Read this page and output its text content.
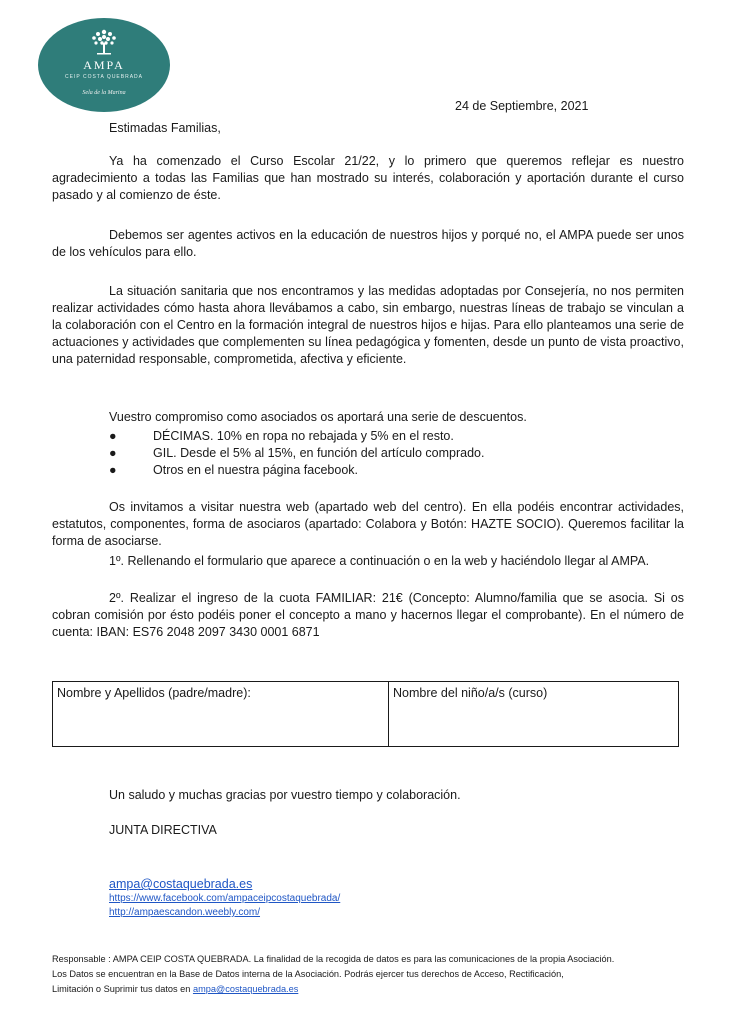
AMPA
CEIP COSTA QUEBRADA
Sela de la Marina
24 de Septiembre, 2021
Estimadas Familias,

Ya ha comenzado el Curso Escolar 21/22, y lo primero que queremos reflejar es nuestro agradecimiento a todas las Familias que han mostrado su interés, colaboración y aportación durante el curso pasado y al comienzo de éste.

Debemos ser agentes activos en la educación de nuestros hijos y porqué no, el AMPA puede ser unos de los vehículos para ello.

La situación sanitaria que nos encontramos y las medidas adoptadas por Consejería, no nos permiten realizar actividades cómo hasta ahora llevábamos a cabo, sin embargo, nuestras líneas de trabajo se vinculan a la colaboración con el Centro en la formación integral de nuestros hijos e hijas. Para ello planteamos una serie de actuaciones y actividades que complementen su línea pedagógica y fomenten, desde un punto de vista proactivo, una paternidad responsable, comprometida, afectiva y eficiente.

Vuestro compromiso como asociados os aportará una serie de descuentos.

●	DÉCIMAS. 10% en ropa no rebajada y 5% en el resto.
●	GIL. Desde el 5% al 15%, en función del artículo comprado.
●	Otros en el nuestra página facebook.

Os invitamos a visitar nuestra web (apartado web del centro). En ella podéis encontrar actividades, estatutos, componentes, forma de asociaros (apartado: Colabora y Botón: HAZTE SOCIO). Queremos facilitar la forma de asociarse.

1º. Rellenando el formulario que aparece a continuación o en la web y haciéndolo llegar al AMPA.

2º. Realizar el ingreso de la cuota FAMILIAR: 21€ (Concepto: Alumno/familia que se asocia. Si os cobran comisión por ésto podéis poner el concepto a mano y hacernos llegar el comprobante). En el número de cuenta: IBAN: ES76 2048 2097 3430 0001 6871

Nombre y Apellidos (padre/madre):	Nombre del niño/a/s (curso)
Un saludo y muchas gracias por vuestro tiempo y colaboración.
JUNTA DIRECTIVA
ampa@costaquebrada.es
https://www.facebook.com/ampaceipcostaquebrada/
http://ampaescandon.weebly.com/
Responsable : AMPA CEIP COSTA QUEBRADA. La finalidad de la recogida de datos es para las comunicaciones de la propia Asociación.
Los Datos se encuentran en la Base de Datos interna de la Asociación. Podrás ejercer tus derechos de Acceso, Rectificación,
Limitación o Suprimir tus datos en ampa@costaquebrada.es
